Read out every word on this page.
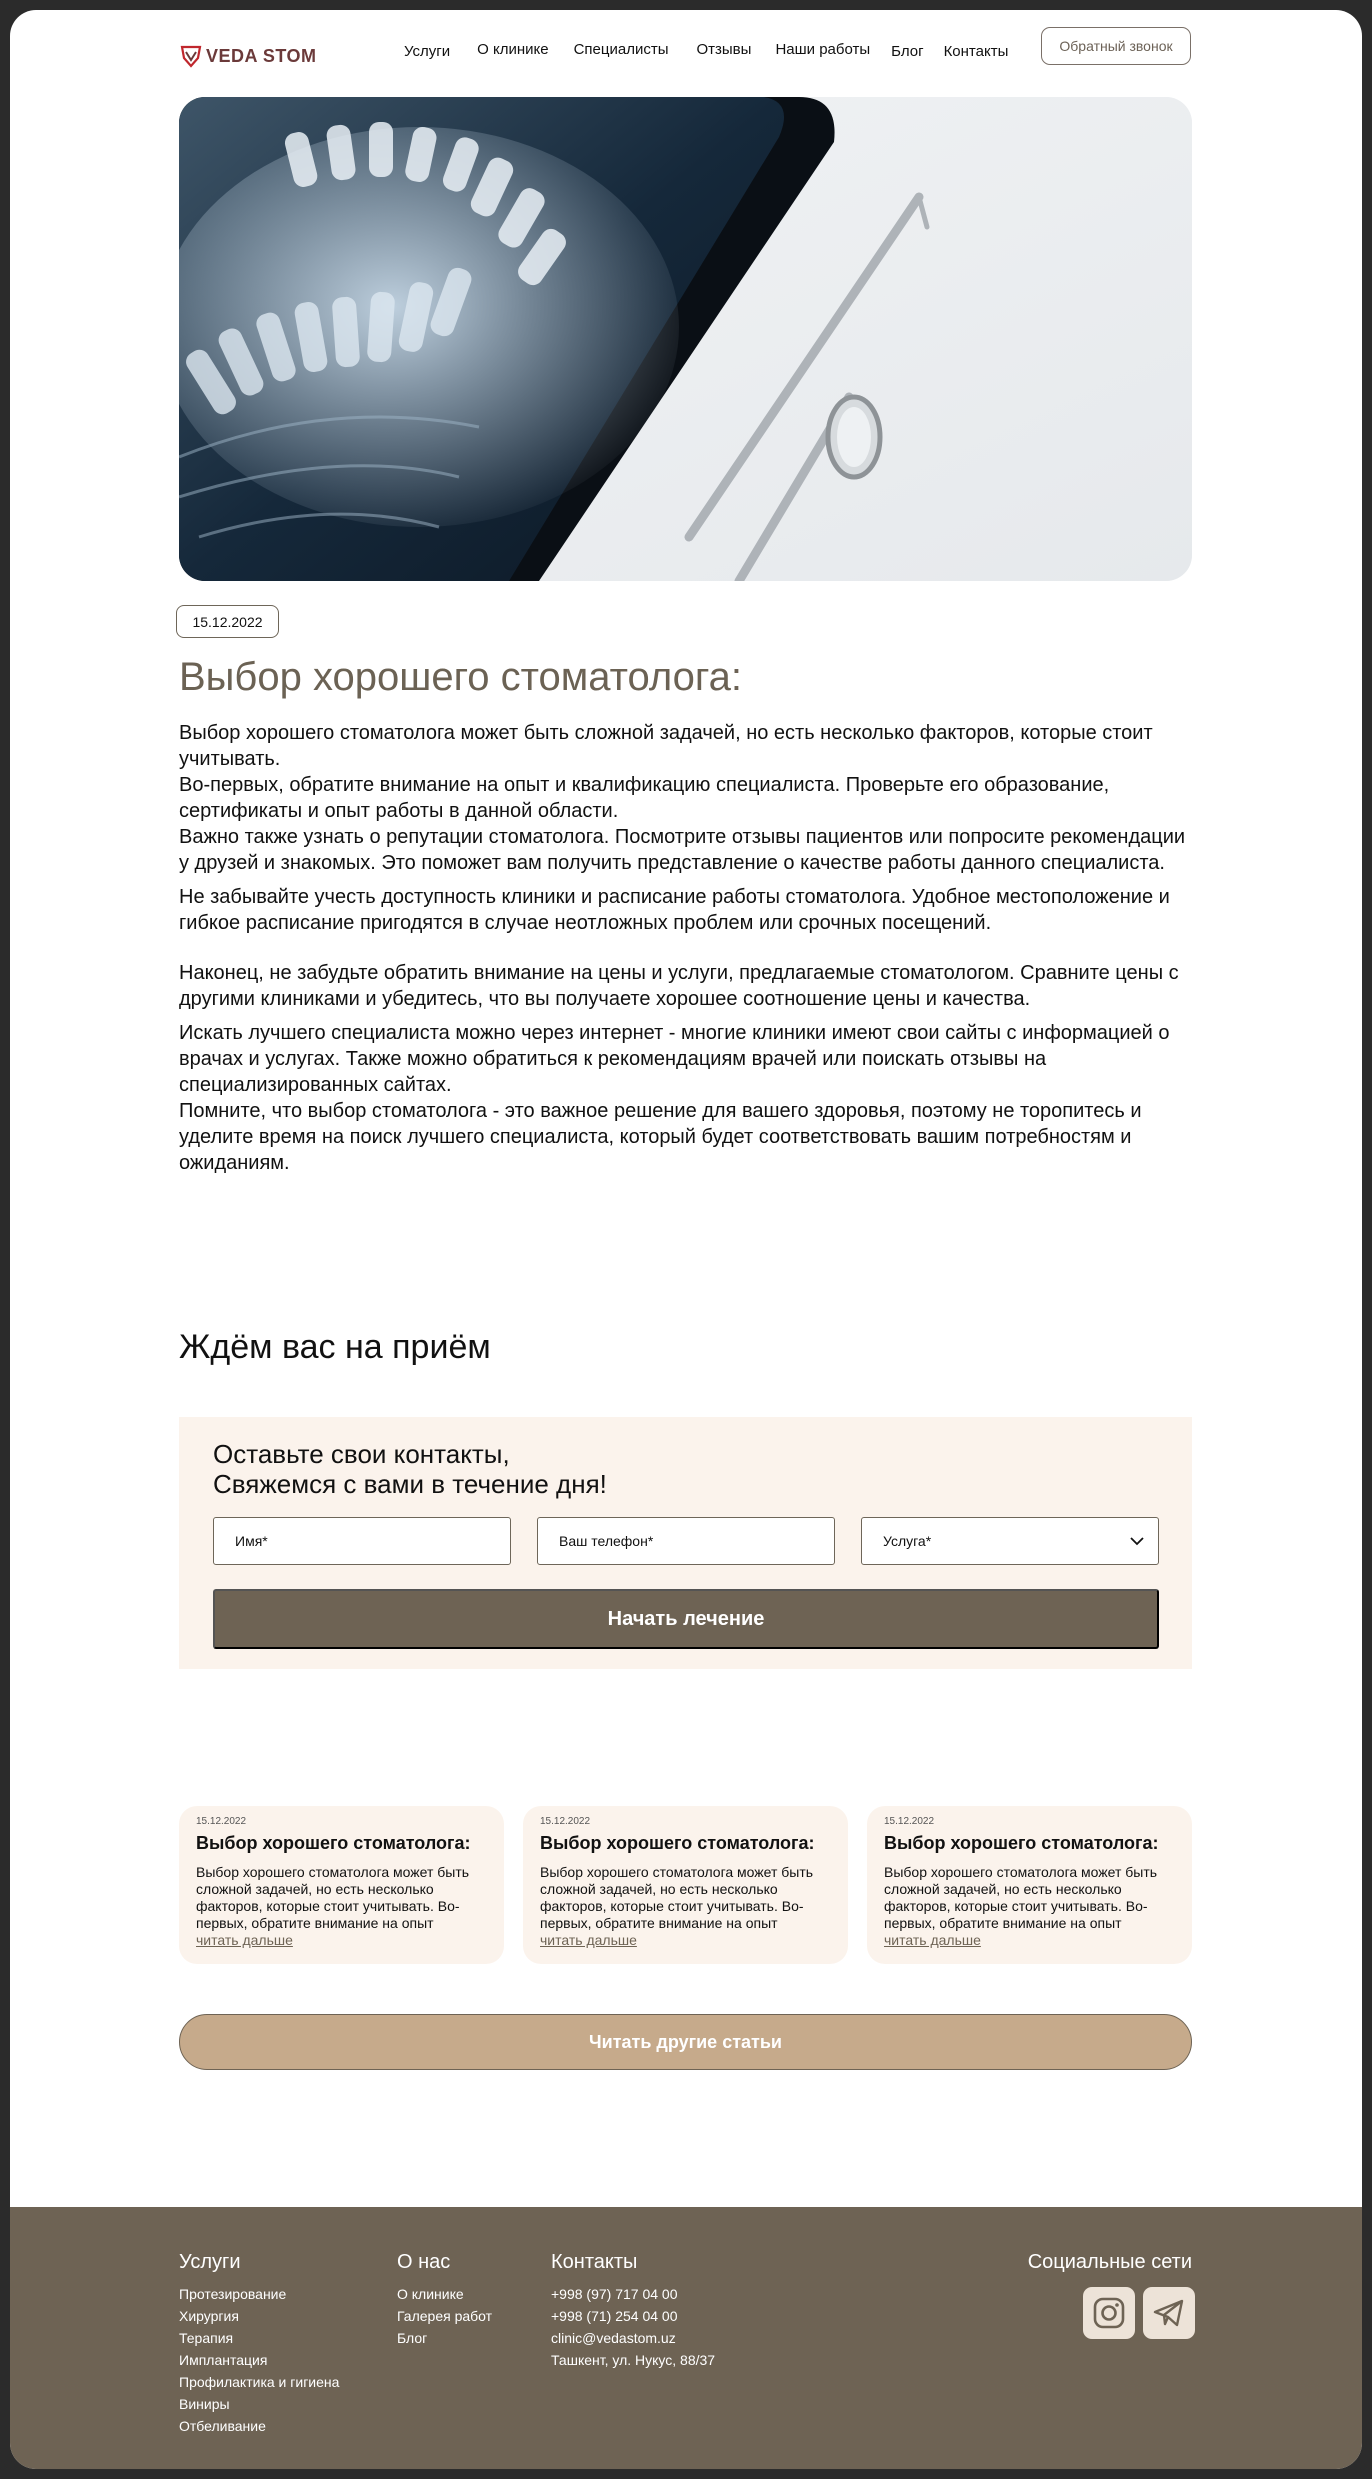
VEDA STOM	Услуги О клинике Специалисты Отзывы Наши работы Блог Контакты	Обратный звонок
15.12.2022
Выбор хорошего стоматолога:

Выбор хорошего стоматолога может быть сложной задачей, но есть несколько факторов, которые стоит учитывать.

Во-первых, обратите внимание на опыт и квалификацию специалиста. Проверьте его образование, сертификаты и опыт работы в данной области.

Важно также узнать о репутации стоматолога. Посмотрите отзывы пациентов или попросите рекомендации у друзей и знакомых. Это поможет вам получить представление о качестве работы данного специалиста.

Не забывайте учесть доступность клиники и расписание работы стоматолога. Удобное местоположение и гибкое расписание пригодятся в случае неотложных проблем или срочных посещений.

Наконец, не забудьте обратить внимание на цены и услуги, предлагаемые стоматологом. Сравните цены с другими клиниками и убедитесь, что вы получаете хорошее соотношение цены и качества.

Искать лучшего специалиста можно через интернет - многие клиники имеют свои сайты с информацией о врачах и услугах. Также можно обратиться к рекомендациям врачей или поискать отзывы на специализированных сайтах.

Помните, что выбор стоматолога - это важное решение для вашего здоровья, поэтому не торопитесь и уделите время на поиск лучшего специалиста, который будет соответствовать вашим потребностям и ожиданиям.

Ждём вас на приём
Оставьте свои контакты,
Свяжемся с вами в течение дня!
Имя*	Ваш телефон*	Услуга*
Начать лечение
15.12.2022
Выбор хорошего стоматолога:
Выбор хорошего стоматолога может быть сложной задачей, но есть несколько факторов, которые стоит учитывать. Во-первых, обратите внимание на опыт
читать дальше
15.12.2022
Выбор хорошего стоматолога:
Выбор хорошего стоматолога может быть сложной задачей, но есть несколько факторов, которые стоит учитывать. Во-первых, обратите внимание на опыт
читать дальше
15.12.2022
Выбор хорошего стоматолога:
Выбор хорошего стоматолога может быть сложной задачей, но есть несколько факторов, которые стоит учитывать. Во-первых, обратите внимание на опыт
читать дальше
Читать другие статьи
Услуги
Протезирование
Хирургия
Терапия
Имплантация
Профилактика и гигиена
Виниры
Отбеливание
О нас
О клинике
Галерея работ
Блог
Контакты
+998 (97) 717 04 00
+998 (71) 254 04 00
clinic@vedastom.uz
Ташкент, ул. Нукус, 88/37
Социальные сети
